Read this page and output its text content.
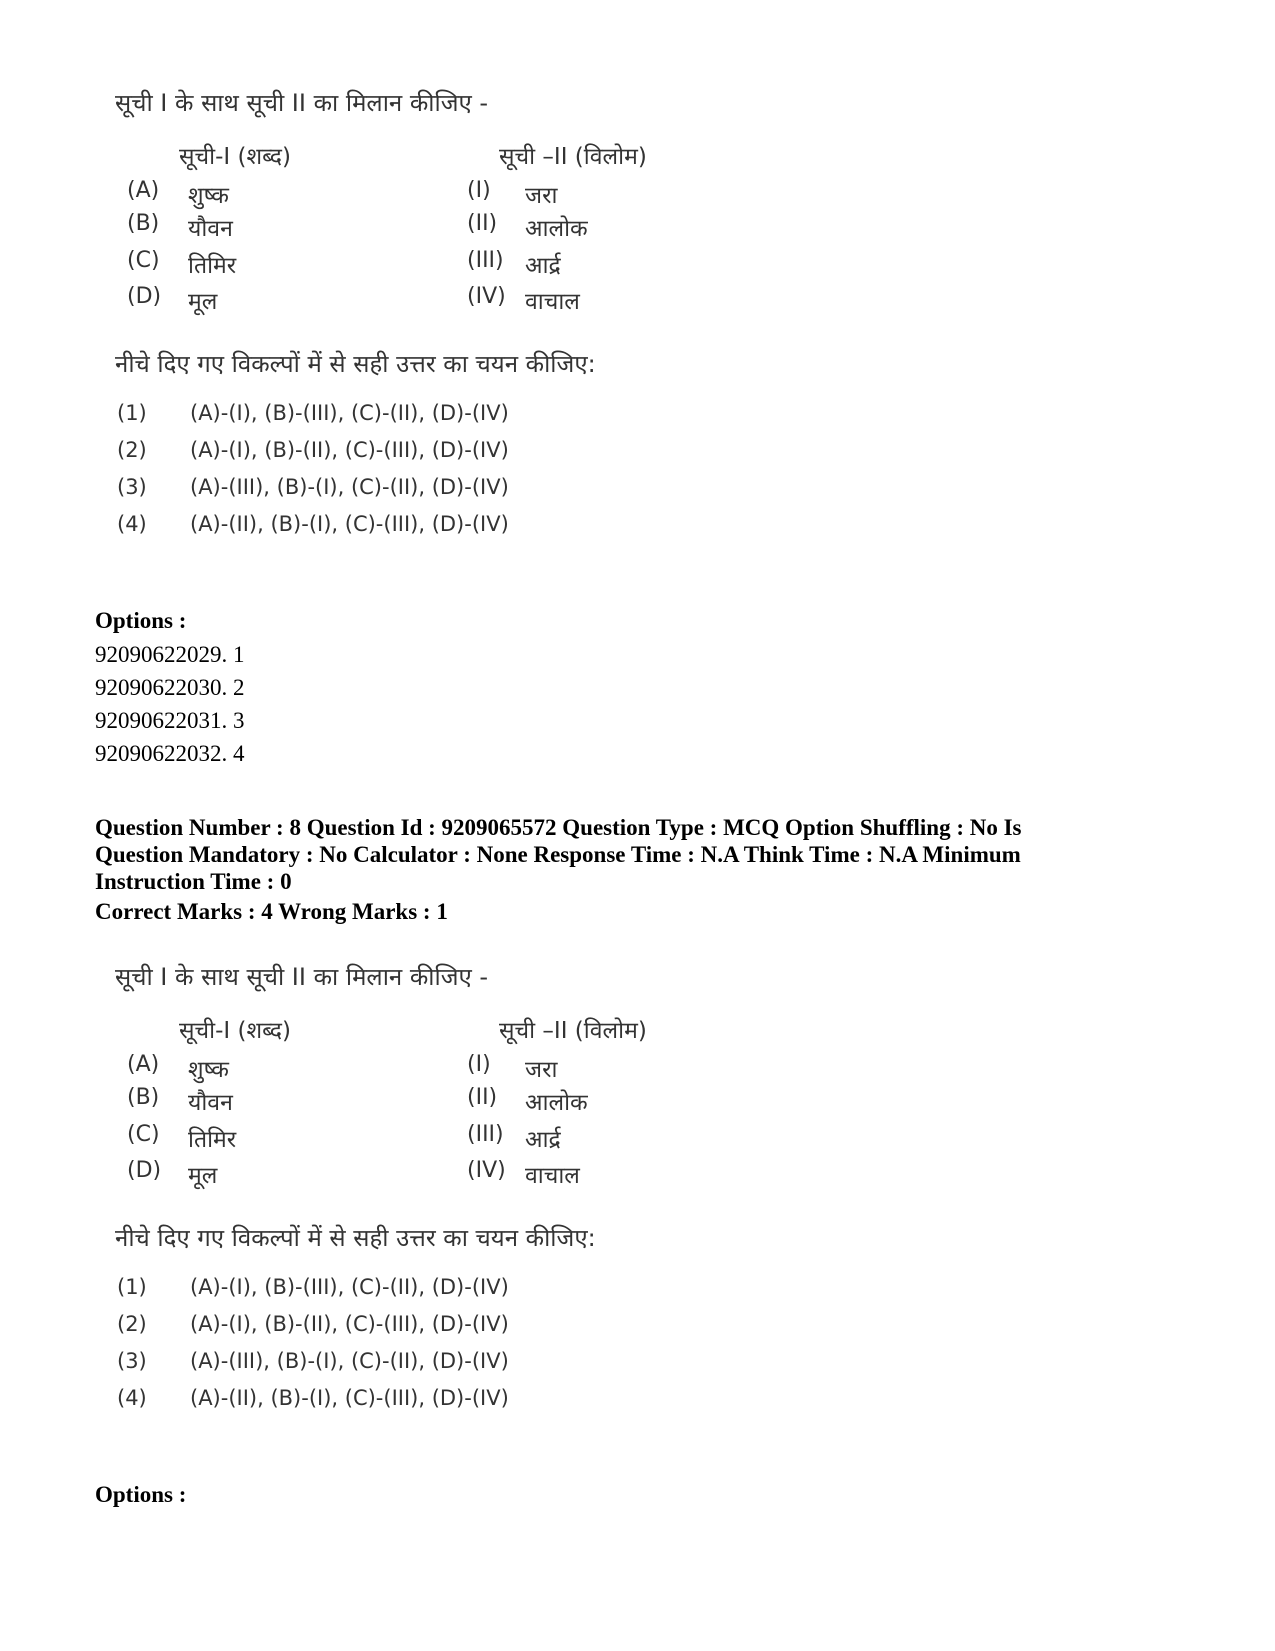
सूची I के साथ सूची II का मिलान कीजिए -
सूची-I (शब्द)	सूची –II (विलोम)
(A) शुष्क	(I) जरा
(B) यौवन	(II) आलोक
(C) तिमिर	(III) आर्द्र
(D) मूल	(IV) वाचाल
नीचे दिए गए विकल्पों में से सही उत्तर का चयन कीजिए:
(1) (A)-(I), (B)-(III), (C)-(II), (D)-(IV)
(2) (A)-(I), (B)-(II), (C)-(III), (D)-(IV)
(3) (A)-(III), (B)-(I), (C)-(II), (D)-(IV)
(4) (A)-(II), (B)-(I), (C)-(III), (D)-(IV)
Options :
92090622029. 1
92090622030. 2
92090622031. 3
92090622032. 4
Question Number : 8 Question Id : 9209065572 Question Type : MCQ Option Shuffling : No Is Question Mandatory : No Calculator : None Response Time : N.A Think Time : N.A Minimum Instruction Time : 0
Correct Marks : 4 Wrong Marks : 1
सूची I के साथ सूची II का मिलान कीजिए -
सूची-I (शब्द)	सूची –II (विलोम)
(A) शुष्क	(I) जरा
(B) यौवन	(II) आलोक
(C) तिमिर	(III) आर्द्र
(D) मूल	(IV) वाचाल
नीचे दिए गए विकल्पों में से सही उत्तर का चयन कीजिए:
(1) (A)-(I), (B)-(III), (C)-(II), (D)-(IV)
(2) (A)-(I), (B)-(II), (C)-(III), (D)-(IV)
(3) (A)-(III), (B)-(I), (C)-(II), (D)-(IV)
(4) (A)-(II), (B)-(I), (C)-(III), (D)-(IV)
Options :
